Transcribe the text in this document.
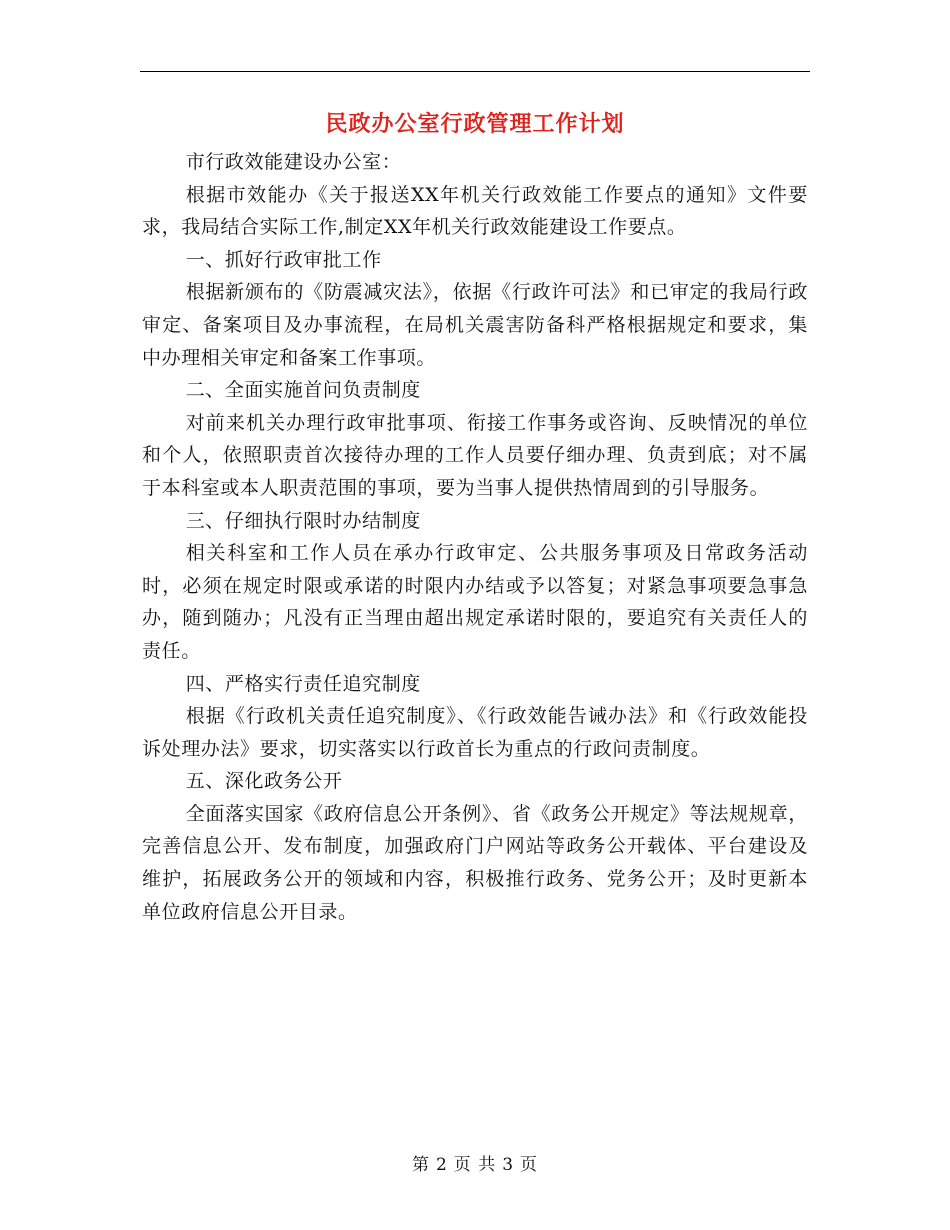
民政办公室行政管理工作计划

市行政效能建设办公室：

根据市效能办《关于报送XX年机关行政效能工作要点的通知》文件要求，我局结合实际工作,制定XX年机关行政效能建设工作要点。

一、抓好行政审批工作

根据新颁布的《防震减灾法》，依据《行政许可法》和已审定的我局行政审定、备案项目及办事流程，在局机关震害防备科严格根据规定和要求，集中办理相关审定和备案工作事项。

二、全面实施首问负责制度

对前来机关办理行政审批事项、衔接工作事务或咨询、反映情况的单位和个人，依照职责首次接待办理的工作人员要仔细办理、负责到底；对不属于本科室或本人职责范围的事项，要为当事人提供热情周到的引导服务。

三、仔细执行限时办结制度

相关科室和工作人员在承办行政审定、公共服务事项及日常政务活动时，必须在规定时限或承诺的时限内办结或予以答复；对紧急事项要急事急办，随到随办；凡没有正当理由超出规定承诺时限的，要追究有关责任人的责任。

四、严格实行责任追究制度

根据《行政机关责任追究制度》、《行政效能告诫办法》和《行政效能投诉处理办法》要求，切实落实以行政首长为重点的行政问责制度。

五、深化政务公开

全面落实国家《政府信息公开条例》、省《政务公开规定》等法规规章，完善信息公开、发布制度，加强政府门户网站等政务公开载体、平台建设及维护，拓展政务公开的领域和内容，积极推行政务、党务公开；及时更新本单位政府信息公开目录。

第 2 页 共 3 页
